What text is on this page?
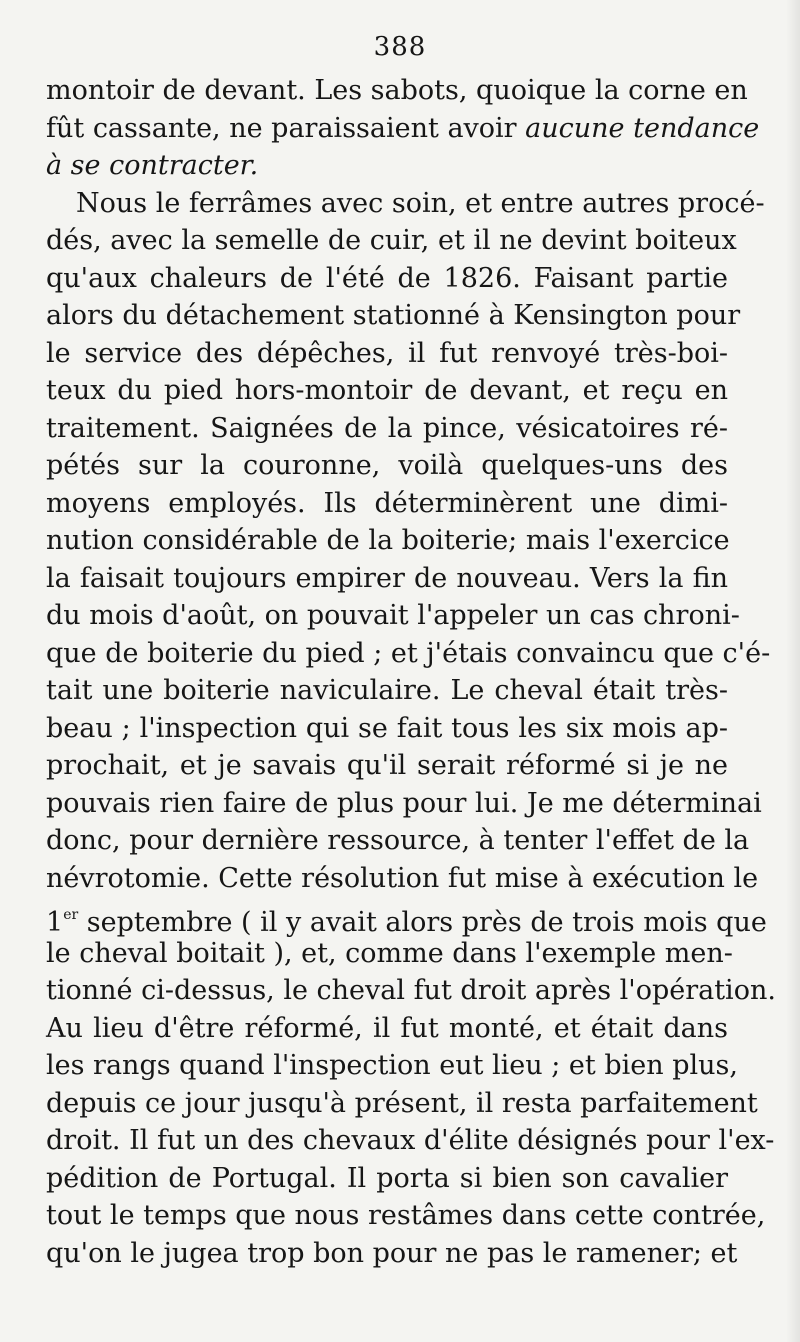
388
montoir de devant. Les sabots, quoique la corne en
fût cassante, ne paraissaient avoir aucune tendance
à se contracter.
Nous le ferrâmes avec soin, et entre autres procé-
dés, avec la semelle de cuir, et il ne devint boiteux
qu'aux chaleurs de l'été de 1826. Faisant partie
alors du détachement stationné à Kensington pour
le service des dépêches, il fut renvoyé très-boi-
teux du pied hors-montoir de devant, et reçu en
traitement. Saignées de la pince, vésicatoires ré-
pétés sur la couronne, voilà quelques-uns des
moyens employés. Ils déterminèrent une dimi-
nution considérable de la boiterie; mais l'exercice
la faisait toujours empirer de nouveau. Vers la fin
du mois d'août, on pouvait l'appeler un cas chroni-
que de boiterie du pied ; et j'étais convaincu que c'é-
tait une boiterie naviculaire. Le cheval était très-
beau ; l'inspection qui se fait tous les six mois ap-
prochait, et je savais qu'il serait réformé si je ne
pouvais rien faire de plus pour lui. Je me déterminai
donc, pour dernière ressource, à tenter l'effet de la
névrotomie. Cette résolution fut mise à exécution le
1er septembre ( il y avait alors près de trois mois que
le cheval boitait ), et, comme dans l'exemple men-
tionné ci-dessus, le cheval fut droit après l'opération.
Au lieu d'être réformé, il fut monté, et était dans
les rangs quand l'inspection eut lieu ; et bien plus,
depuis ce jour jusqu'à présent, il resta parfaitement
droit. Il fut un des chevaux d'élite désignés pour l'ex-
pédition de Portugal. Il porta si bien son cavalier
tout le temps que nous restâmes dans cette contrée,
qu'on le jugea trop bon pour ne pas le ramener; et
